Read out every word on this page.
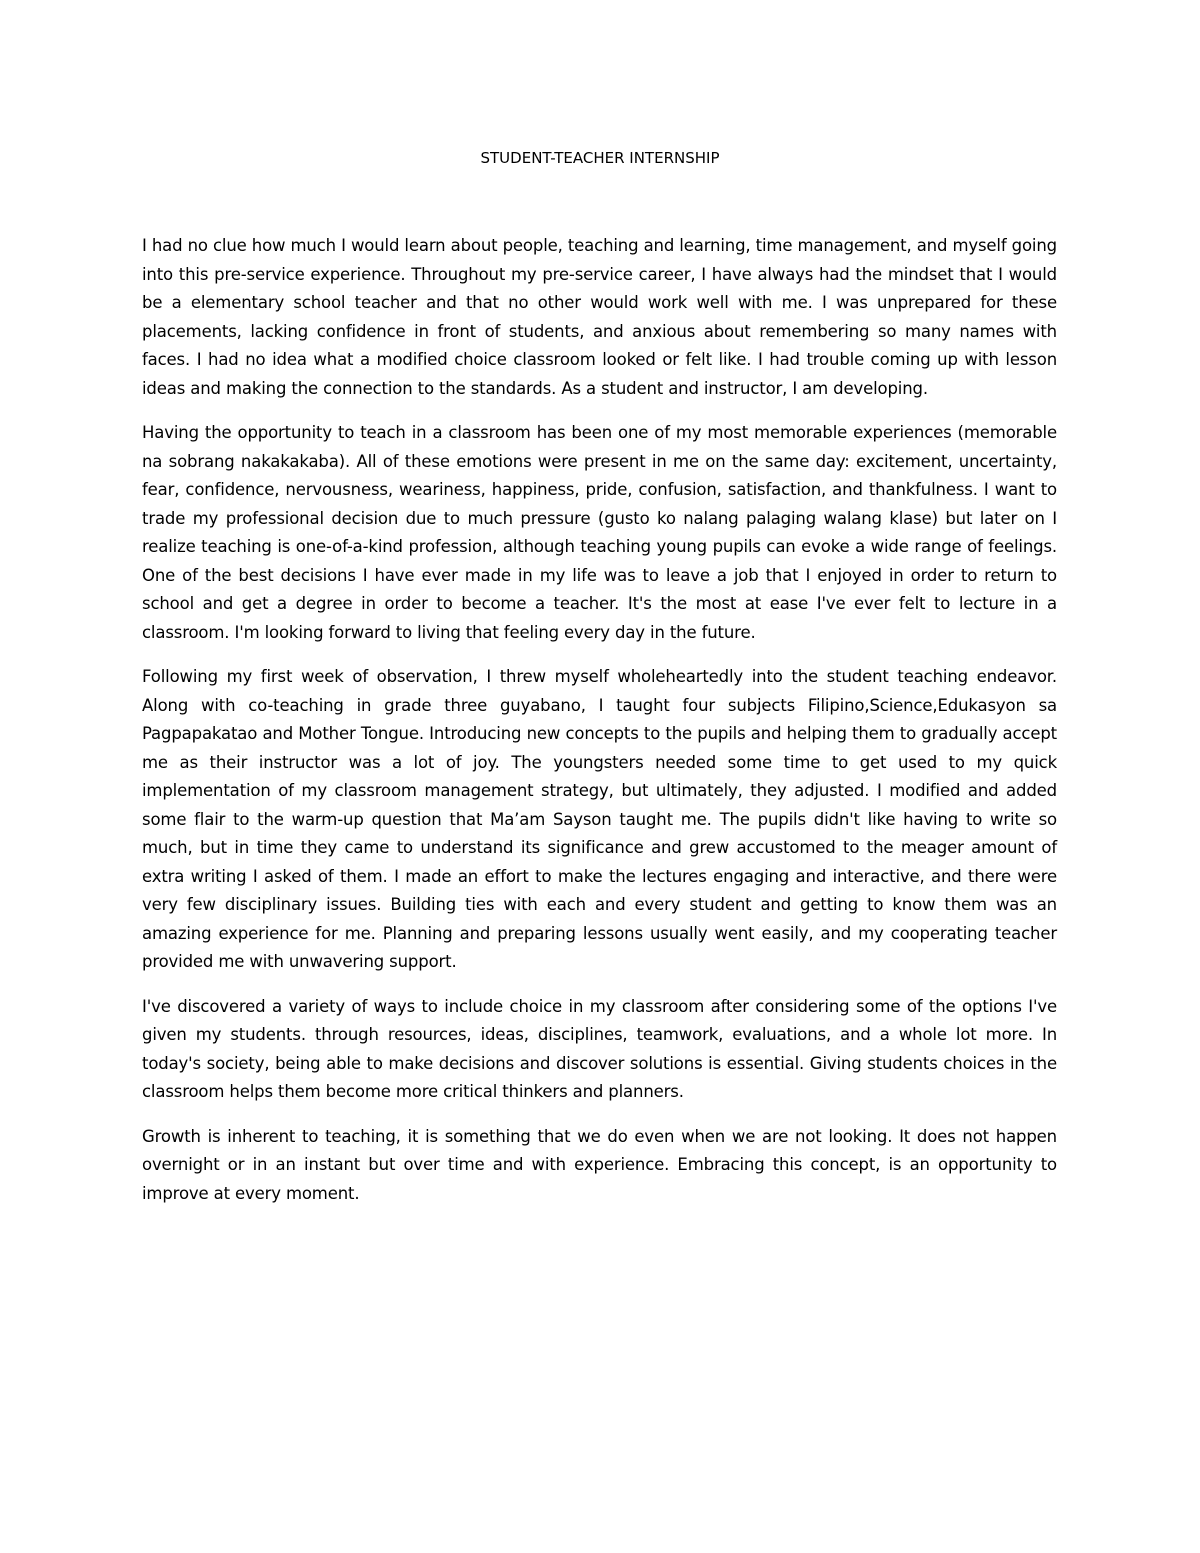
STUDENT-TEACHER INTERNSHIP

I had no clue how much I would learn about people, teaching and learning, time management, and myself going into this pre-service experience. Throughout my pre-service career, I have always had the mindset that I would be a elementary school teacher and that no other would work well with me. I was unprepared for these placements, lacking confidence in front of students, and anxious about remembering so many names with faces. I had no idea what a modified choice classroom looked or felt like. I had trouble coming up with lesson ideas and making the connection to the standards. As a student and instructor, I am developing.

Having the opportunity to teach in a classroom has been one of my most memorable experiences (memorable na sobrang nakakakaba). All of these emotions were present in me on the same day: excitement, uncertainty, fear, confidence, nervousness, weariness, happiness, pride, confusion, satisfaction, and thankfulness. I want to trade my professional decision due to much pressure (gusto ko nalang palaging walang klase) but later on I realize teaching is one-of-a-kind profession, although teaching young pupils can evoke a wide range of feelings. One of the best decisions I have ever made in my life was to leave a job that I enjoyed in order to return to school and get a degree in order to become a teacher. It's the most at ease I've ever felt to lecture in a classroom. I'm looking forward to living that feeling every day in the future.

Following my first week of observation, I threw myself wholeheartedly into the student teaching endeavor. Along with co-teaching in grade three guyabano, I taught four subjects Filipino,Science,Edukasyon sa Pagpapakatao and Mother Tongue. Introducing new concepts to the pupils and helping them to gradually accept me as their instructor was a lot of joy. The youngsters needed some time to get used to my quick implementation of my classroom management strategy, but ultimately, they adjusted. I modified and added some flair to the warm-up question that Ma’am Sayson taught me. The pupils didn't like having to write so much, but in time they came to understand its significance and grew accustomed to the meager amount of extra writing I asked of them. I made an effort to make the lectures engaging and interactive, and there were very few disciplinary issues. Building ties with each and every student and getting to know them was an amazing experience for me. Planning and preparing lessons usually went easily, and my cooperating teacher provided me with unwavering support.

I've discovered a variety of ways to include choice in my classroom after considering some of the options I've given my students. through resources, ideas, disciplines, teamwork, evaluations, and a whole lot more. In today's society, being able to make decisions and discover solutions is essential. Giving students choices in the classroom helps them become more critical thinkers and planners.

Growth is inherent to teaching, it is something that we do even when we are not looking. It does not happen overnight or in an instant but over time and with experience. Embracing this concept, is an opportunity to improve at every moment.
